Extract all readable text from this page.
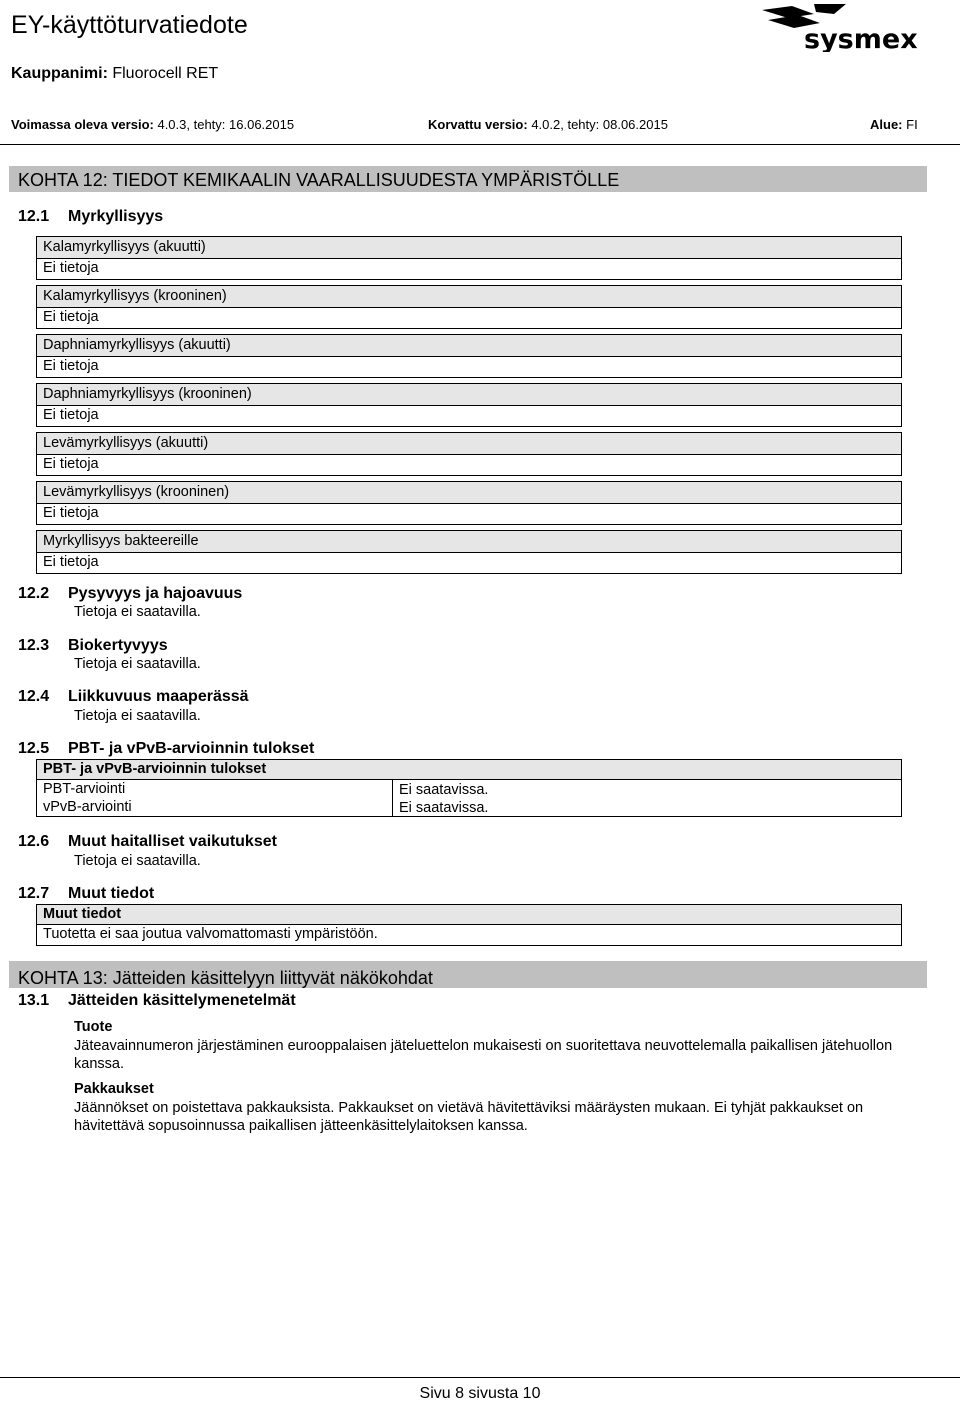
EY-käyttöturvatiedote	sysmex
Kauppanimi: Fluorocell RET
Voimassa oleva versio: 4.0.3, tehty: 16.06.2015	Korvattu versio: 4.0.2, tehty: 08.06.2015	Alue: FI
KOHTA 12: TIEDOT KEMIKAALIN VAARALLISUUDESTA YMPÄRISTÖLLE
12.1 Myrkyllisyys
Kalamyrkyllisyys (akuutti)
Ei tietoja
Kalamyrkyllisyys (krooninen)
Ei tietoja
Daphniamyrkyllisyys (akuutti)
Ei tietoja
Daphniamyrkyllisyys (krooninen)
Ei tietoja
Levämyrkyllisyys (akuutti)
Ei tietoja
Levämyrkyllisyys (krooninen)
Ei tietoja
Myrkyllisyys bakteereille
Ei tietoja
12.2 Pysyvyys ja hajoavuus
Tietoja ei saatavilla.
12.3 Biokertyvyys
Tietoja ei saatavilla.
12.4 Liikkuvuus maaperässä
Tietoja ei saatavilla.
12.5 PBT- ja vPvB-arvioinnin tulokset
PBT- ja vPvB-arvioinnin tulokset
PBT-arviointi	Ei saatavissa.
vPvB-arviointi	Ei saatavissa.
12.6 Muut haitalliset vaikutukset
Tietoja ei saatavilla.
12.7 Muut tiedot
Muut tiedot
Tuotetta ei saa joutua valvomattomasti ympäristöön.
KOHTA 13: Jätteiden käsittelyyn liittyvät näkökohdat
13.1 Jätteiden käsittelymenetelmät
Tuote
Jäteavainnumeron järjestäminen eurooppalaisen jäteluettelon mukaisesti on suoritettava neuvottelemalla paikallisen jätehuollon kanssa.
Pakkaukset
Jäännökset on poistettava pakkauksista. Pakkaukset on vietävä hävitettäviksi määräysten mukaan. Ei tyhjät pakkaukset on hävitettävä sopusoinnussa paikallisen jätteenkäsittelylaitoksen kanssa.
Sivu 8 sivusta 10
